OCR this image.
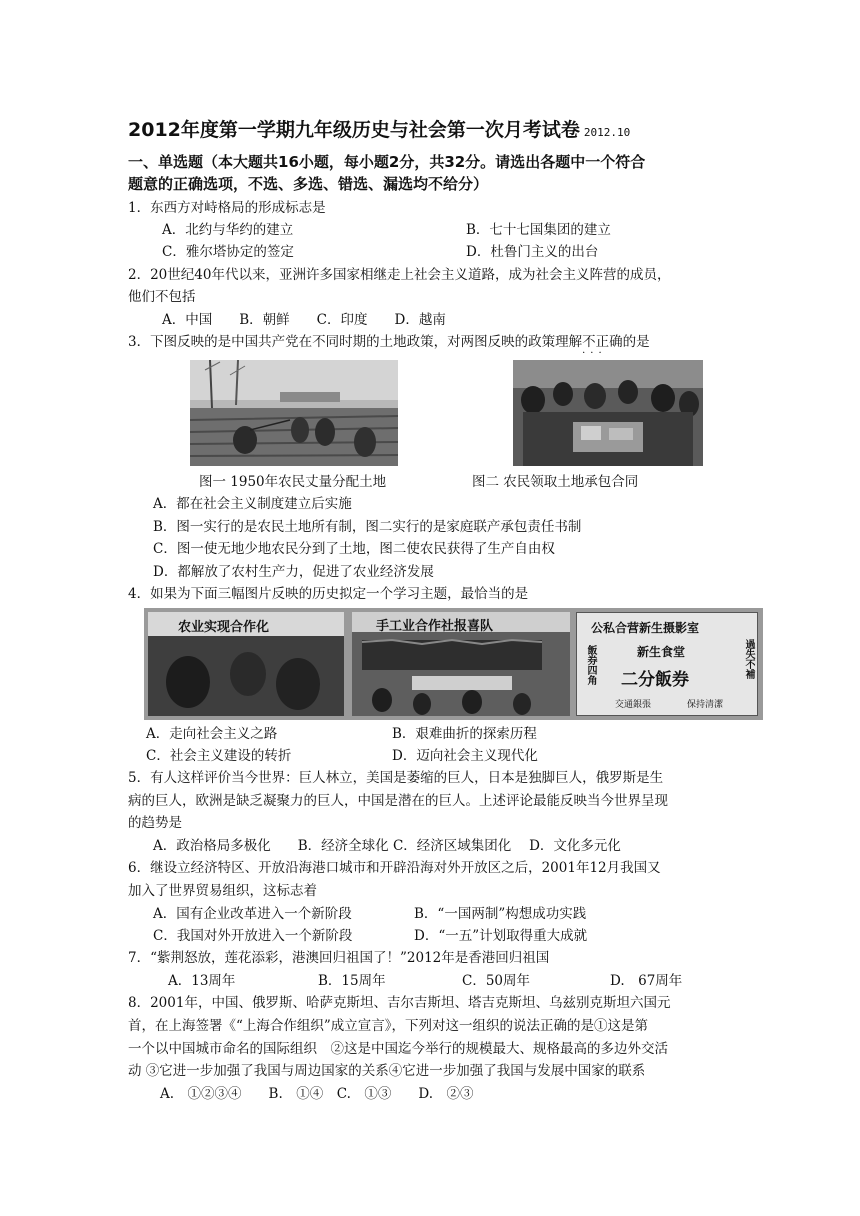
2012年度第一学期九年级历史与社会第一次月考试卷 2012.10
一、单选题（本大题共16小题，每小题2分，共32分。请选出各题中一个符合
题意的正确选项，不选、多选、错选、漏选均不给分）
1．东西方对峙格局的形成标志是
A．北约与华约的建立	B．七十七国集团的建立
C．雅尔塔协定的签定	D．杜鲁门主义的出台
2．20世纪40年代以来，亚洲许多国家相继走上社会主义道路，成为社会主义阵营的成员，
他们不包括
A．中国　　B．朝鲜　　C．印度　　D．越南
3．下图反映的是中国共产党在不同时期的土地政策，对两图反映的政策理解不正确
···
的是
图一 1950年农民丈量分配土地	图二 农民领取土地承包合同
A．都在社会主义制度建立后实施
B．图一实行的是农民土地所有制，图二实行的是家庭联产承包责任书制
C．图一使无地少地农民分到了土地，图二使农民获得了生产自由权
D．都解放了农村生产力，促进了农业经济发展
4．如果为下面三幅图片反映的历史拟定一个学习主题，最恰当的是
农业实现合作化	手工业合作社报喜队	公私合营新生摄影室
新生食堂
二分飯券
飯券四角	過失不補
交通銀張	保持清潔
A．走向社会主义之路	B．艰难曲折的探索历程
C．社会主义建设的转折	D．迈向社会主义现代化
5．有人这样评价当今世界：巨人林立，美国是萎缩的巨人，日本是独脚巨人，俄罗斯是生
病的巨人，欧洲是缺乏凝聚力的巨人，中国是潜在的巨人。上述评论最能反映当今世界呈现
的趋势是
A．政治格局多极化　　B．经济全球化 C．经济区域集团化　 D．文化多元化
6．继设立经济特区、开放沿海港口城市和开辟沿海对外开放区之后，2001年12月我国又
加入了世界贸易组织，这标志着
A．国有企业改革进入一个新阶段	B．“一国两制”构想成功实践
C．我国对外开放进入一个新阶段	D．“一五”计划取得重大成就
7．“紫荆怒放，莲花添彩，港澳回归祖国了！”2012年是香港回归祖国
A．13周年	B．15周年	C．50周年	D.　67周年
8．2001年，中国、俄罗斯、哈萨克斯坦、吉尔吉斯坦、塔吉克斯坦、乌兹别克斯坦六国元
首，在上海签署《“上海合作组织”成立宣言》，下列对这一组织的说法正确的是①这是第
一个以中国城市命名的国际组织　②这是中国迄今举行的规模最大、规格最高的多边外交活
动 ③它进一步加强了我国与周边国家的关系④它进一步加强了我国与发展中国家的联系
A.　①②③④　　B.　①④　C.　①③　　D.　②③
